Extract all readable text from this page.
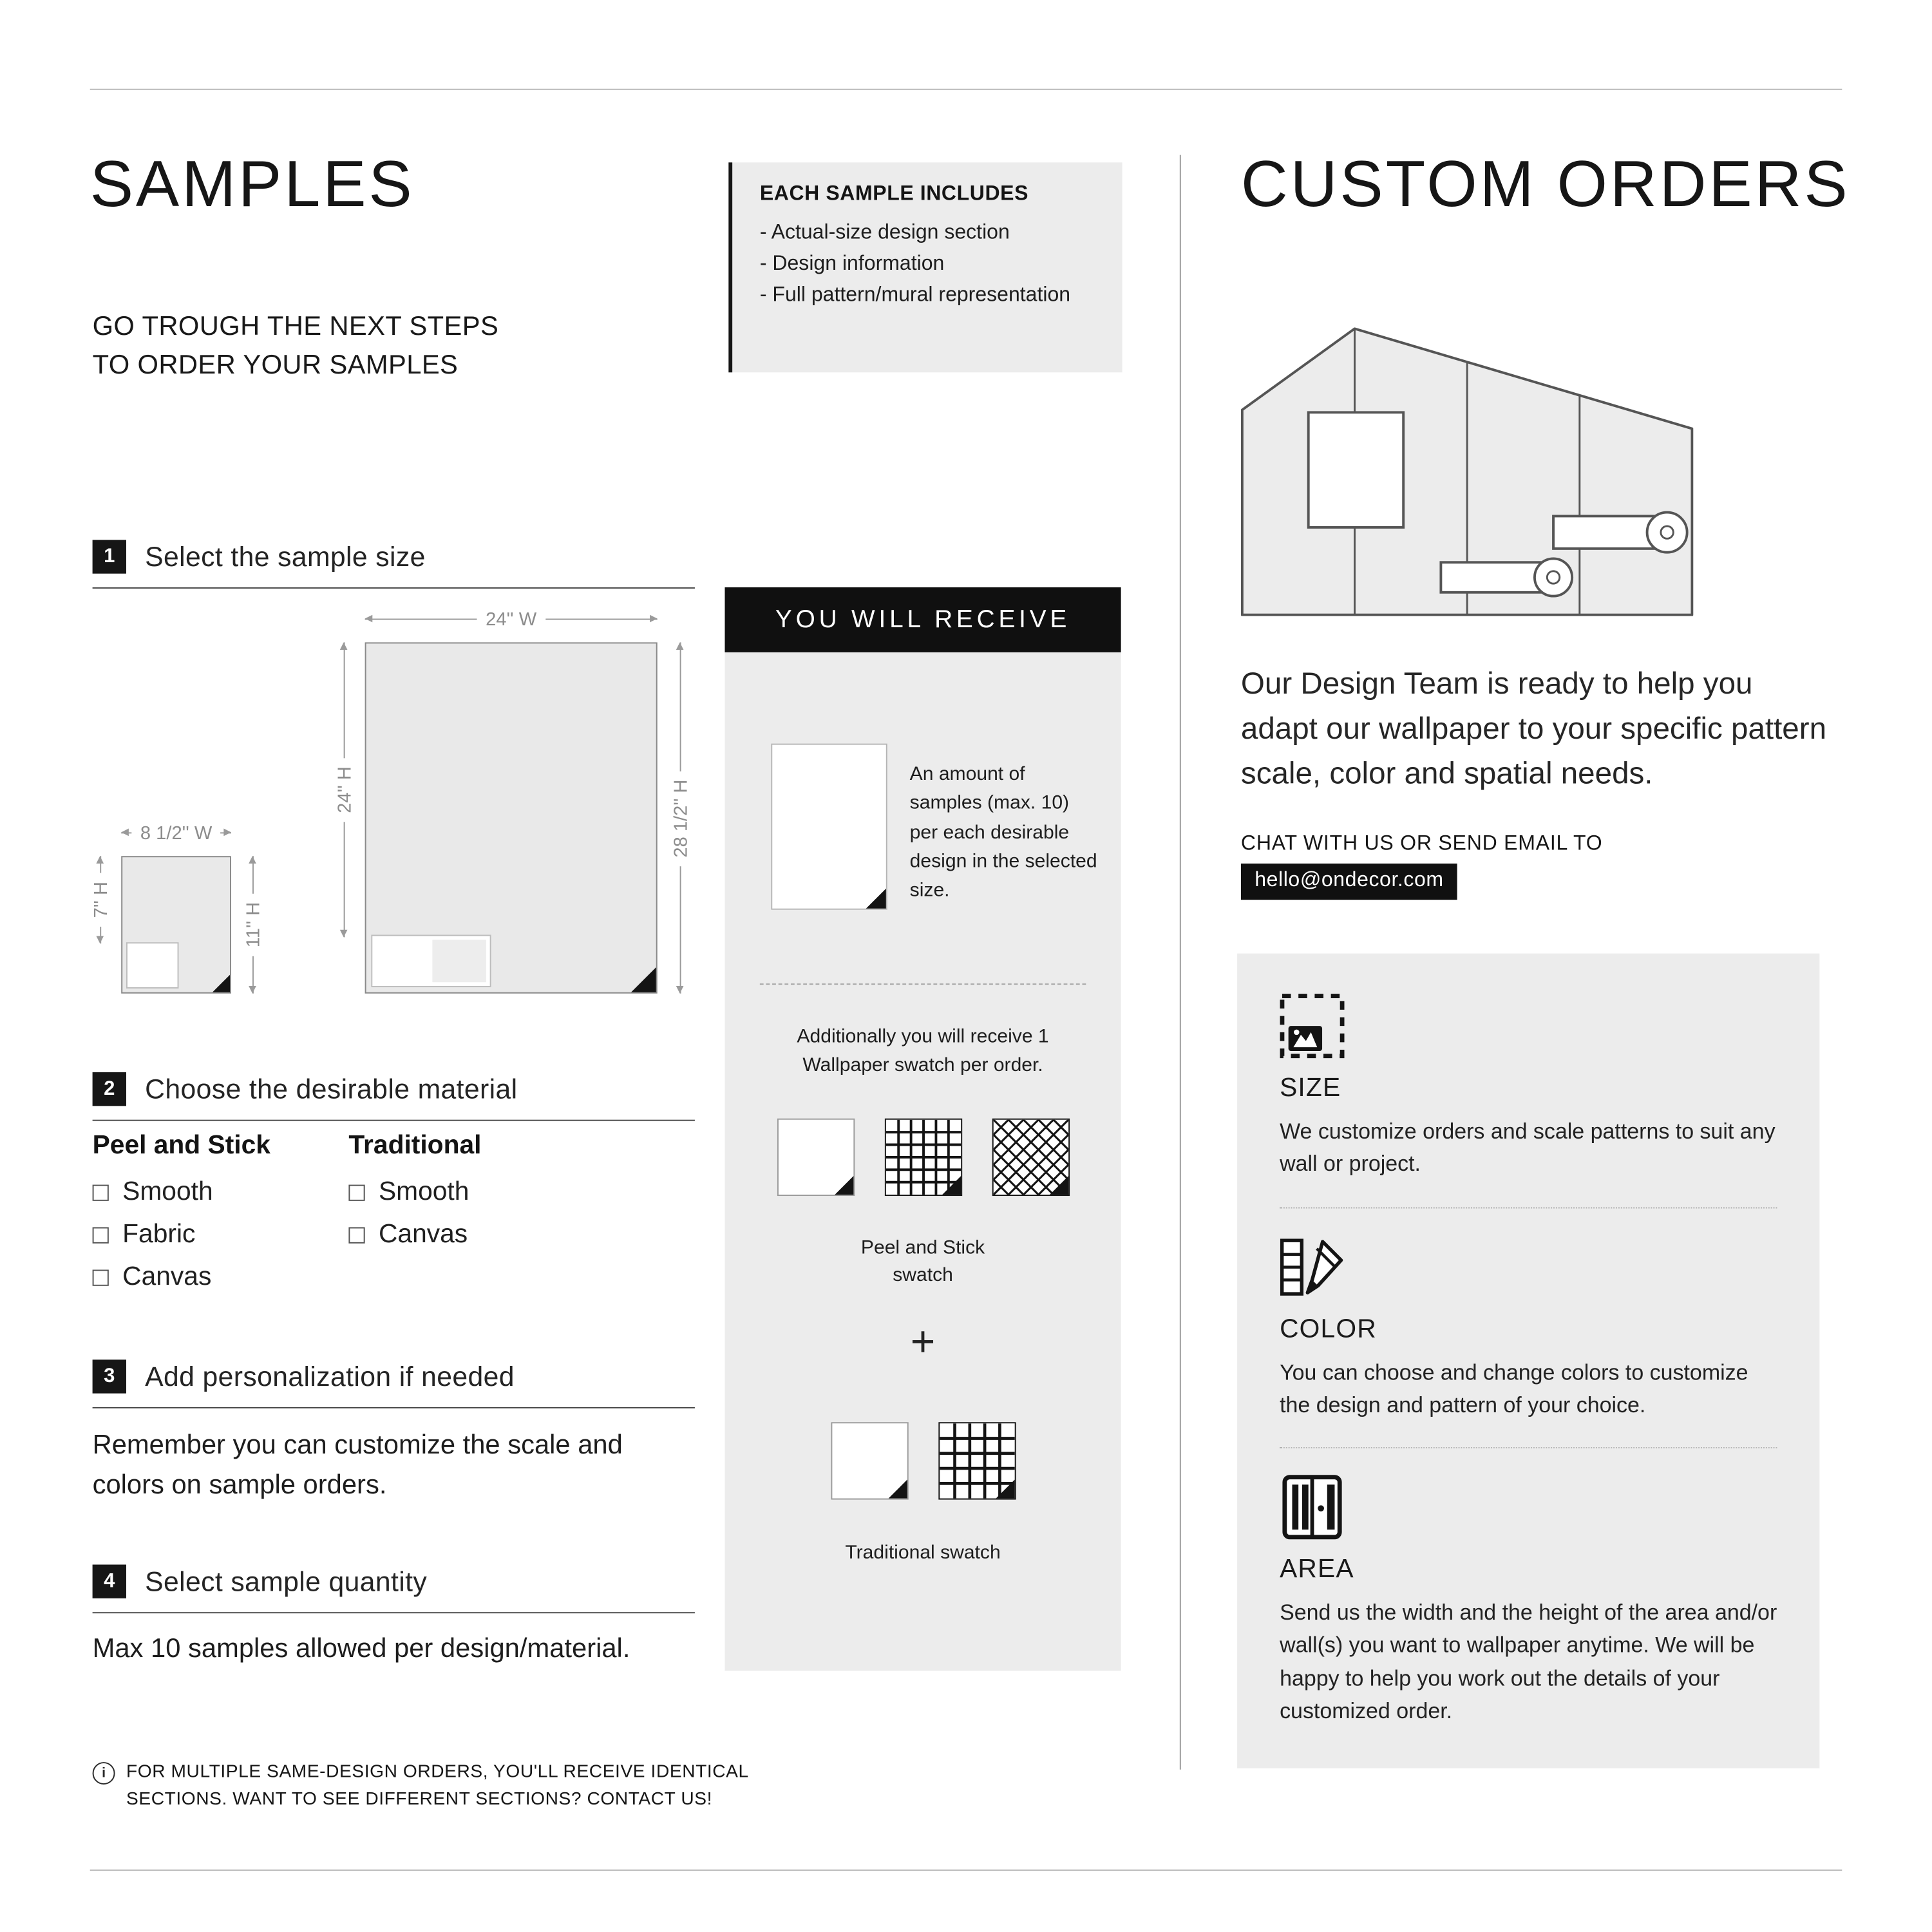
SAMPLES	EACH SAMPLE INCLUDES
- Actual-size design section
- Design information
- Full pattern/mural representation
CUSTOM ORDERS
GO TROUGH THE NEXT STEPS
TO ORDER YOUR SAMPLES
1	Select the sample size
24'' W
24'' H	28 1/2'' H
8 1/2'' W
7'' H
11'' H
2	Choose the desirable material
Peel and Stick
Smooth
Fabric
Canvas
Traditional
Smooth
Canvas
3	Add personalization if needed

Remember you can customize the scale and colors on sample orders.

4	Select sample quantity

Max 10 samples allowed per design/material.

i
FOR MULTIPLE SAME-DESIGN ORDERS, YOU'LL RECEIVE IDENTICAL
SECTIONS. WANT TO SEE DIFFERENT SECTIONS? CONTACT US!
YOU WILL RECEIVE

An amount of samples (max. 10) per each desirable design in the selected size.

Additionally you will receive 1 Wallpaper swatch per order.

Peel and Stick swatch
+
Traditional swatch

Our Design Team is ready to help you adapt our wallpaper to your specific pattern scale, color and spatial needs.

CHAT WITH US OR SEND EMAIL TO
hello@ondecor.com
SIZE

We customize orders and scale patterns to suit any wall or project.

COLOR

You can choose and change colors to customize the design and pattern of your choice.

AREA

Send us the width and the height of the area and/or wall(s) you want to wallpaper anytime. We will be happy to help you work out the details of your customized order.
